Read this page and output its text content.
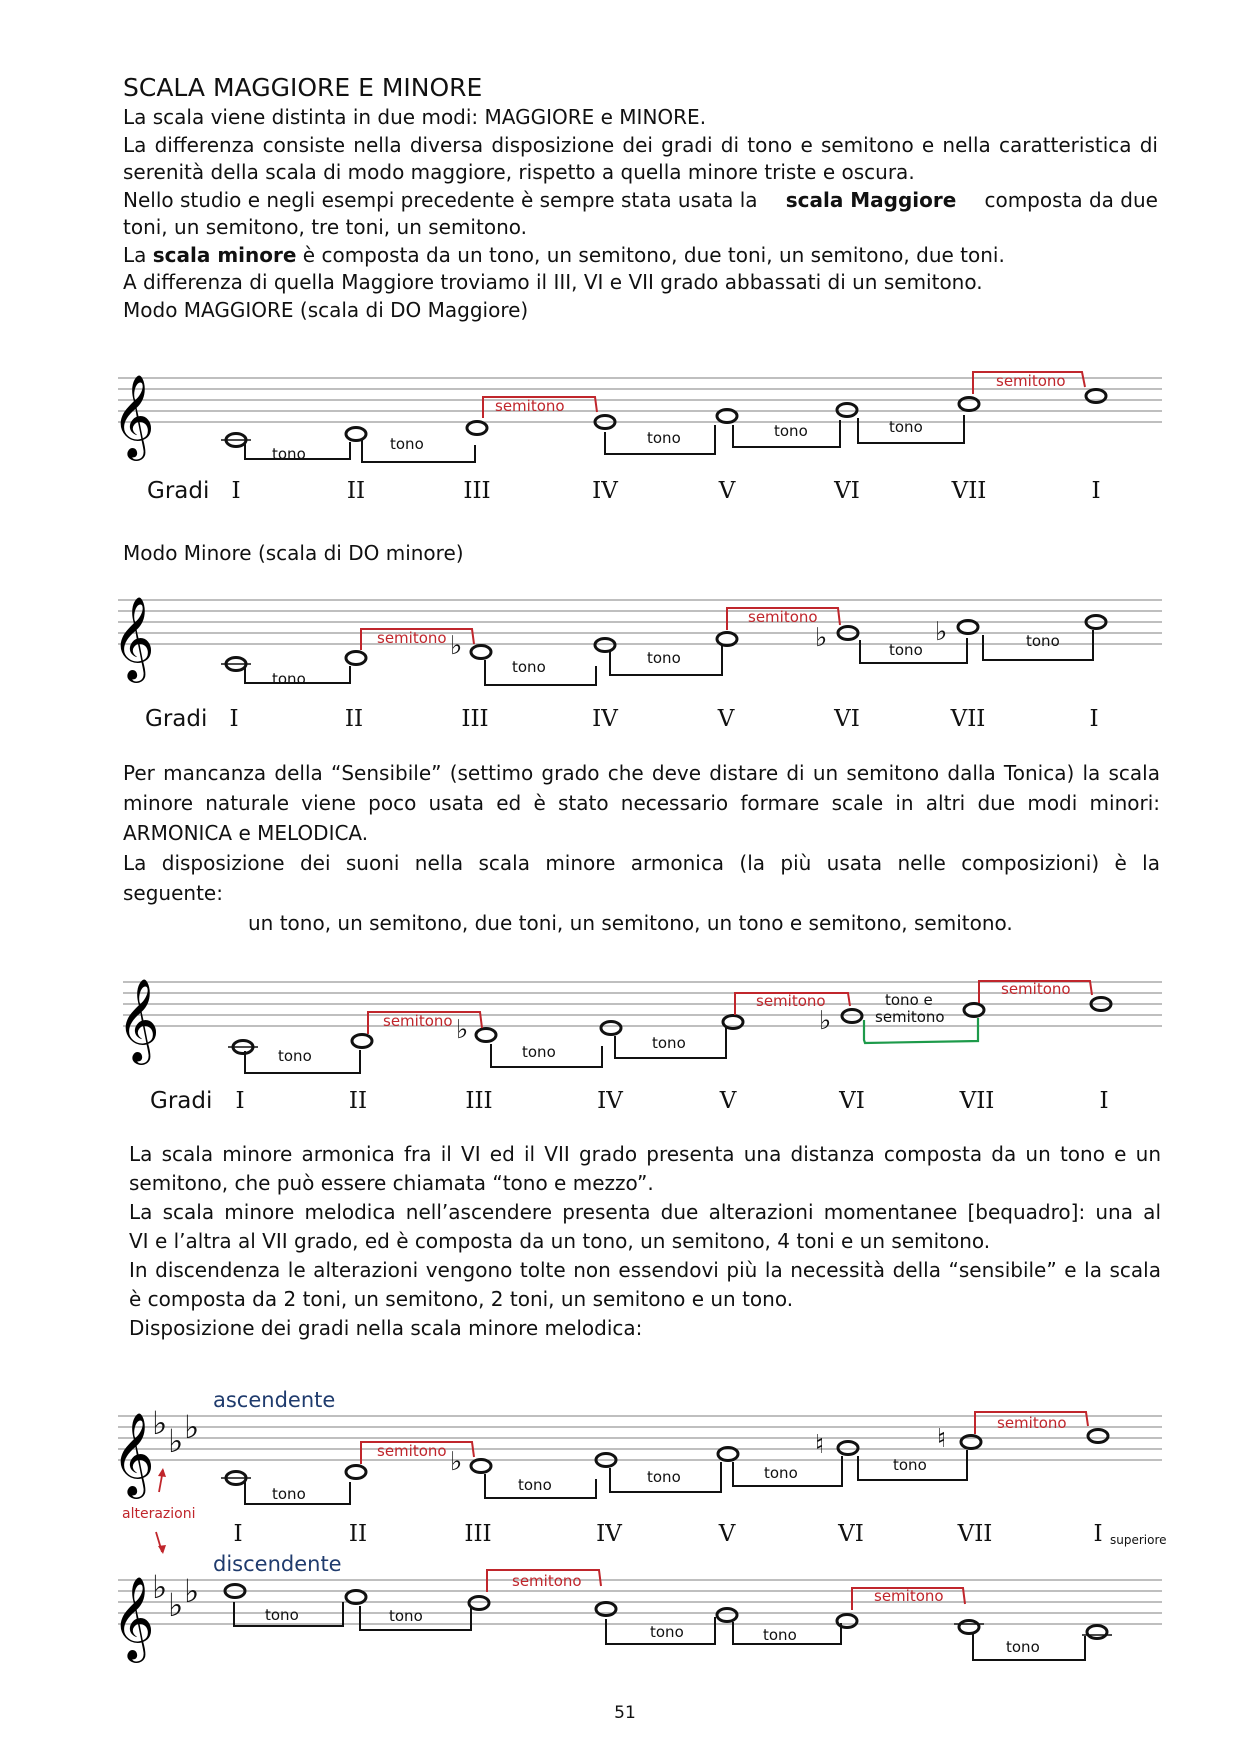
SCALA MAGGIORE E MINORE
La scala viene distinta in due modi: MAGGIORE e MINORE.
La differenza consiste nella diversa disposizione dei gradi di tono e semitono e nella caratteristica di
serenità della scala di modo maggiore, rispetto a quella minore triste e oscura.
Nello studio e negli esempi precedente è sempre stata usata la scala Maggiore composta da due
toni, un semitono, tre toni, un semitono.
La scala minore è composta da un tono, un semitono, due toni, un semitono, due toni.
A differenza di quella Maggiore troviamo il III, VI e VII grado abbassati di un semitono.
Modo MAGGIORE (scala di DO Maggiore)
𝄞	tono
tono	tono	tono	tono
semitono
semitono
Gradi I	II	III	IV	V	VI	VII	I
Modo Minore (scala di DO minore)
𝄞	♭	♭	♭
tono
tono	tono	tono	tono
semitono
semitono
Gradi I	II	III	IV	V	VI	VII	I
Per mancanza della “Sensibile” (settimo grado che deve distare di un semitono dalla Tonica) la scala
minore naturale viene poco usata ed è stato necessario formare scale in altri due modi minori:
ARMONICA e MELODICA.
La disposizione dei suoni nella scala minore armonica (la più usata nelle composizioni) è la
seguente:
un tono, un semitono, due toni, un semitono, un tono e semitono, semitono.
𝄞	♭	♭
tono	tono	tono
tono e
semitono
semitono
semitono
semitono
Gradi I	II	III	IV	V	VI	VII	I
La scala minore armonica fra il VI ed il VII grado presenta una distanza composta da un tono e un
semitono, che può essere chiamata “tono e mezzo”.
La scala minore melodica nell’ascendere presenta due alterazioni momentanee [bequadro]: una al
VI e l’altra al VII grado, ed è composta da un tono, un semitono, 4 toni e un semitono.
In discendenza le alterazioni vengono tolte non essendovi più la necessità della “sensibile” e la scala
è composta da 2 toni, un semitono, 2 toni, un semitono e un tono.
Disposizione dei gradi nella scala minore melodica:
ascendente
𝄞
♭ ♭ ♭
♭
♮	♮
tono	tono	tono	tono	tono
semitono
semitono
alterazioni
I	II	III	IV	V	VI	VII	I superiore
discendente
𝄞
♭ ♭ ♭
tono	tono
tono	tono
tono
semitono
semitono
51
